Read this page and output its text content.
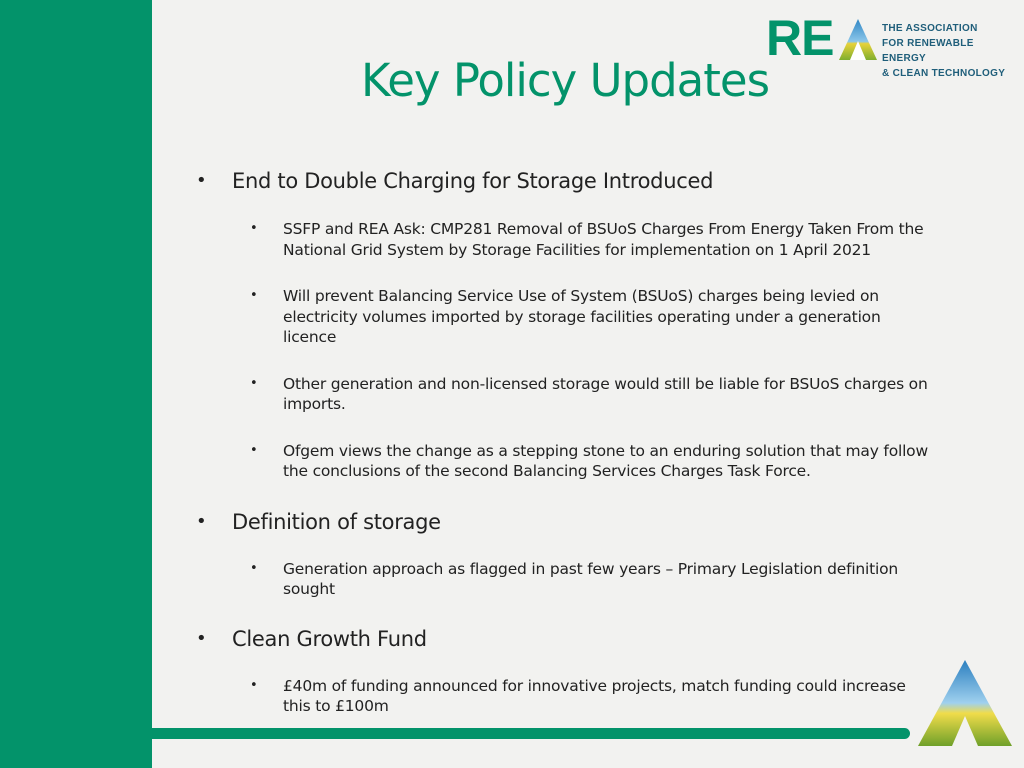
RE	THE ASSOCIATION
FOR RENEWABLE ENERGY
& CLEAN TECHNOLOGY
Key Policy Updates
• End to Double Charging for Storage Introduced
• SSFP and REA Ask: CMP281 Removal of BSUoS Charges From Energy Taken From the National Grid System by Storage Facilities for implementation on 1 April 2021
• Will prevent Balancing Service Use of System (BSUoS) charges being levied on electricity volumes imported by storage facilities operating under a generation licence
• Other generation and non-licensed storage would still be liable for BSUoS charges on imports.
• Ofgem views the change as a stepping stone to an enduring solution that may follow the conclusions of the second Balancing Services Charges Task Force.
• Definition of storage
• Generation approach as flagged in past few years – Primary Legislation definition sought
• Clean Growth Fund
• £40m of funding announced for innovative projects, match funding could increase this to £100m
